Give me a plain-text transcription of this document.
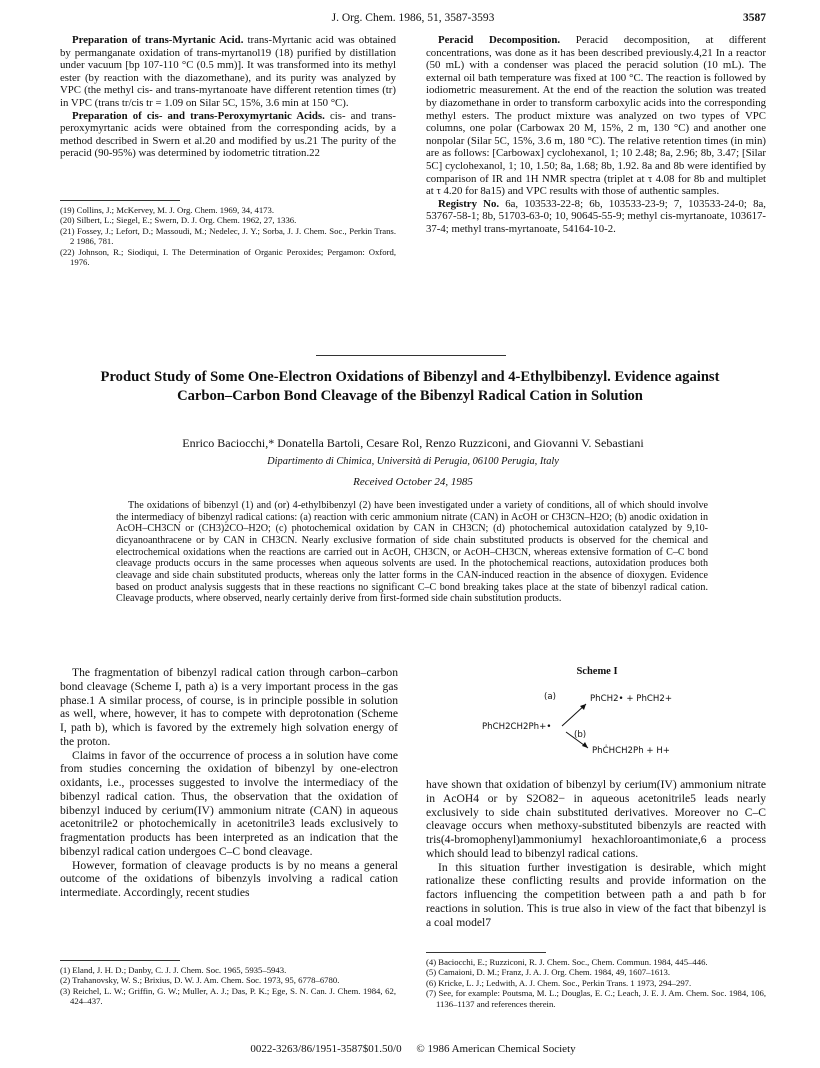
J. Org. Chem. 1986, 51, 3587-3593	3587

Preparation of trans-Myrtanic Acid. trans-Myrtanic acid was obtained by permanganate oxidation of trans-myrtanol19 (18) purified by distillation under vacuum [bp 107-110 °C (0.5 mm)]. It was transformed into its methyl ester (by reaction with the diazomethane), and its purity was analyzed by VPC (the methyl cis- and trans-myrtanoate have different retention times (tr) in VPC (trans tr/cis tr = 1.09 on Silar 5C, 15%, 3.6 min at 150 °C).

Preparation of cis- and trans-Peroxymyrtanic Acids. cis- and trans-peroxymyrtanic acids were obtained from the corresponding acids, by a method described in Swern et al.20 and modified by us.21 The purity of the peracid (90-95%) was determined by iodometric titration.22

(19) Collins, J.; McKervey, M. J. Org. Chem. 1969, 34, 4173.
(20) Silbert, L.; Siegel, E.; Swern, D. J. Org. Chem. 1962, 27, 1336.
(21) Fossey, J.; Lefort, D.; Massoudi, M.; Nedelec, J. Y.; Sorba, J. J. Chem. Soc., Perkin Trans. 2 1986, 781.
(22) Johnson, R.; Siodiqui, I. The Determination of Organic Peroxides; Pergamon: Oxford, 1976.

Peracid Decomposition. Peracid decomposition, at different concentrations, was done as it has been described previously.4,21 In a reactor (50 mL) with a condenser was placed the peracid solution (10 mL). The external oil bath temperature was fixed at 100 °C. The reaction is followed by iodiometric measurement. At the end of the reaction the solution was treated by diazomethane in order to transform carboxylic acids into the corresponding methyl esters. The product mixture was analyzed on two types of VPC columns, one polar (Carbowax 20 M, 15%, 2 m, 130 °C) and another one nonpolar (Silar 5C, 15%, 3.6 m, 180 °C). The relative retention times (in min) are as follows: [Carbowax] cyclohexanol, 1; 10 2.48; 8a, 2.96; 8b, 3.47; [Silar 5C] cyclohexanol, 1; 10, 1.50; 8a, 1.68; 8b, 1.92. 8a and 8b were identified by comparison of IR and 1H NMR spectra (triplet at τ 4.08 for 8b and multiplet at τ 4.20 for 8a15) and VPC results with those of authentic samples.

Registry No. 6a, 103533-22-8; 6b, 103533-23-9; 7, 103533-24-0; 8a, 53767-58-1; 8b, 51703-63-0; 10, 90645-55-9; methyl cis-myrtanoate, 103617-37-4; methyl trans-myrtanoate, 54164-10-2.

Product Study of Some One-Electron Oxidations of Bibenzyl and 4-Ethylbibenzyl. Evidence against Carbon–Carbon Bond Cleavage of the Bibenzyl Radical Cation in Solution
Enrico Baciocchi,* Donatella Bartoli, Cesare Rol, Renzo Ruzziconi, and Giovanni V. Sebastiani
Dipartimento di Chimica, Università di Perugia, 06100 Perugia, Italy
Received October 24, 1985
The oxidations of bibenzyl (1) and (or) 4-ethylbibenzyl (2) have been investigated under a variety of conditions, all of which should involve the intermediacy of bibenzyl radical cations: (a) reaction with ceric ammonium nitrate (CAN) in AcOH or CH3CN–H2O; (b) anodic oxidation in AcOH–CH3CN or (CH3)2CO–H2O; (c) photochemical oxidation by CAN in CH3CN; (d) photochemical autoxidation catalyzed by 9,10-dicyanoanthracene or by CAN in CH3CN. Nearly exclusive formation of side chain substituted products is observed for the chemical and electrochemical oxidations when the reactions are carried out in AcOH, CH3CN, or AcOH–CH3CN, whereas extensive formation of C–C bond cleavage products occurs in the same processes when aqueous solvents are used. In the photochemical reactions, autoxidation produces both cleavage and side chain substituted products, whereas only the latter forms in the CAN-induced reaction in the absence of dioxygen. Evidence based on product analysis suggests that in these reactions no significant C–C bond breaking takes place at the state of bibenzyl radical cation. Cleavage products, where observed, nearly certainly derive from first-formed side chain substitution products.

The fragmentation of bibenzyl radical cation through carbon–carbon bond cleavage (Scheme I, path a) is a very important process in the gas phase.1 A similar process, of course, is in principle possible in solution as well, where, however, it has to compete with deprotonation (Scheme I, path b), which is favored by the extremely high solvation energy of the proton.

Claims in favor of the occurrence of process a in solution have come from studies concerning the oxidation of bibenzyl by one-electron oxidants, i.e., processes suggested to involve the intermediacy of the bibenzyl radical cation. Thus, the observation that the oxidation of bibenzyl induced by cerium(IV) ammonium nitrate (CAN) in aqueous acetonitrile2 or photochemically in acetonitrile3 leads exclusively to fragmentation products has been interpreted as an indication that the bibenzyl radical cation undergoes C–C bond cleavage.

However, formation of cleavage products is by no means a general outcome of the oxidations of bibenzyls involving a radical cation intermediate. Accordingly, recent studies

(1) Eland, J. H. D.; Danby, C. J. J. Chem. Soc. 1965, 5935–5943.
(2) Trahanovsky, W. S.; Brixius, D. W. J. Am. Chem. Soc. 1973, 95, 6778–6780.
(3) Reichel, L. W.; Griffin, G. W.; Muller, A. J.; Das, P. K.; Ege, S. N. Can. J. Chem. 1984, 62, 424–437.
Scheme I
(a)	PhCH2• + PhCH2+
PhCH2CH2Ph+•
(b)
PhĊHCH2Ph + H+

have shown that oxidation of bibenzyl by cerium(IV) ammonium nitrate in AcOH4 or by S2O82− in aqueous acetonitrile5 leads nearly exclusively to side chain substituted derivatives. Moreover no C–C cleavage occurs when methoxy-substituted bibenzyls are reacted with tris(4-bromophenyl)ammoniumyl hexachloroantimoniate,6 a process which should lead to bibenzyl radical cations.

In this situation further investigation is desirable, which might rationalize these conflicting results and provide information on the factors influencing the competition between path a and path b for reactions in solution. This is true also in view of the fact that bibenzyl is a coal model7

(4) Baciocchi, E.; Ruzziconi, R. J. Chem. Soc., Chem. Commun. 1984, 445–446.
(5) Camaioni, D. M.; Franz, J. A. J. Org. Chem. 1984, 49, 1607–1613.
(6) Kricke, L. J.; Ledwith, A. J. Chem. Soc., Perkin Trans. 1 1973, 294–297.
(7) See, for example: Poutsma, M. L.; Douglas, E. C.; Leach, J. E. J. Am. Chem. Soc. 1984, 106, 1136–1137 and references therein.
0022-3263/86/1951-3587$01.50/0 © 1986 American Chemical Society
